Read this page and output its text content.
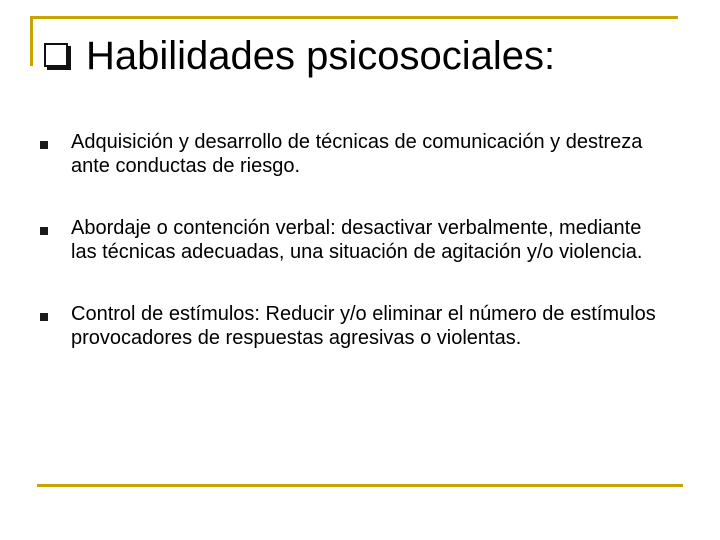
Habilidades psicosociales:
Adquisición y desarrollo de técnicas de comunicación y destreza ante conductas de riesgo.
Abordaje o contención verbal: desactivar verbalmente, mediante las técnicas adecuadas, una situación de agitación y/o violencia.
Control de estímulos: Reducir y/o eliminar el número de estímulos provocadores de respuestas agresivas o violentas.
